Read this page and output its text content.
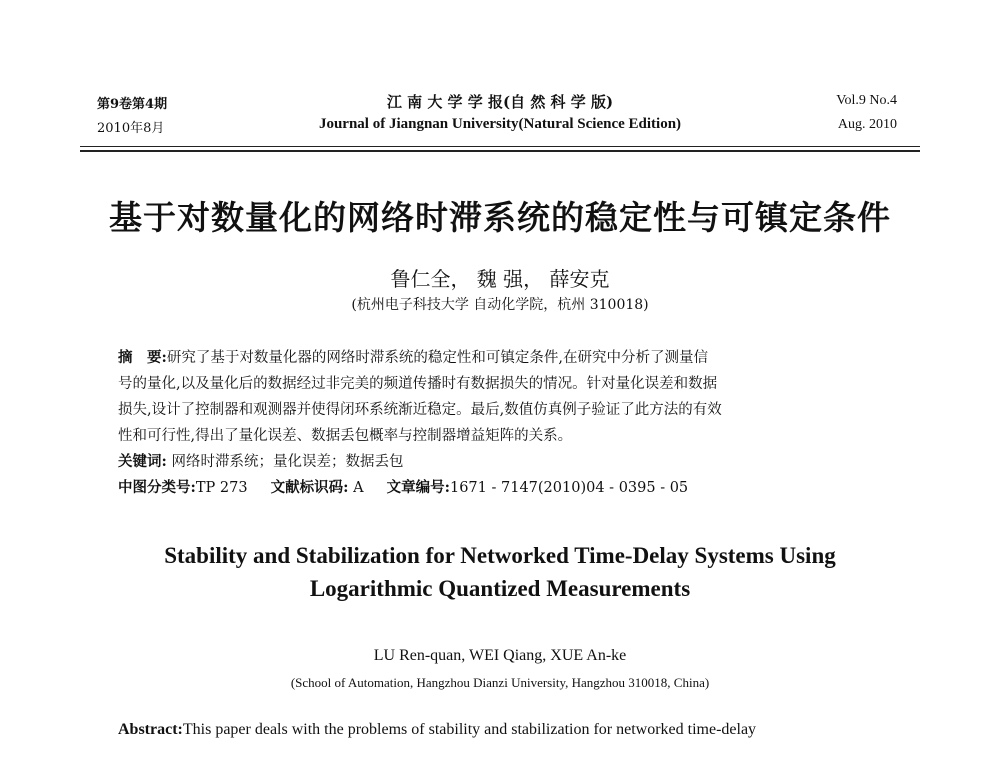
第9卷第4期
2010年8月
江 南 大 学 学 报(自 然 科 学 版)
Journal of Jiangnan University(Natural Science Edition)
Vol.9 No.4
Aug. 2010
基于对数量化的网络时滞系统的稳定性与可镇定条件
鲁仁全， 魏 强， 薛安克
(杭州电子科技大学 自动化学院，杭州 310018)
摘　要:研究了基于对数量化器的网络时滞系统的稳定性和可镇定条件,在研究中分析了测量信
号的量化,以及量化后的数据经过非完美的频道传播时有数据损失的情况。针对量化误差和数据
损失,设计了控制器和观测器并使得闭环系统渐近稳定。最后,数值仿真例子验证了此方法的有效
性和可行性,得出了量化误差、数据丢包概率与控制器增益矩阵的关系。
关键词: 网络时滞系统；量化误差；数据丢包
中图分类号:TP 273 文献标识码: A 文章编号:1671 - 7147(2010)04 - 0395 - 05
Stability and Stabilization for Networked Time-Delay Systems Using
Logarithmic Quantized Measurements
LU Ren-quan, WEI Qiang, XUE An-ke
(School of Automation, Hangzhou Dianzi University, Hangzhou 310018, China)
Abstract:This paper deals with the problems of stability and stabilization for networked time-delay
